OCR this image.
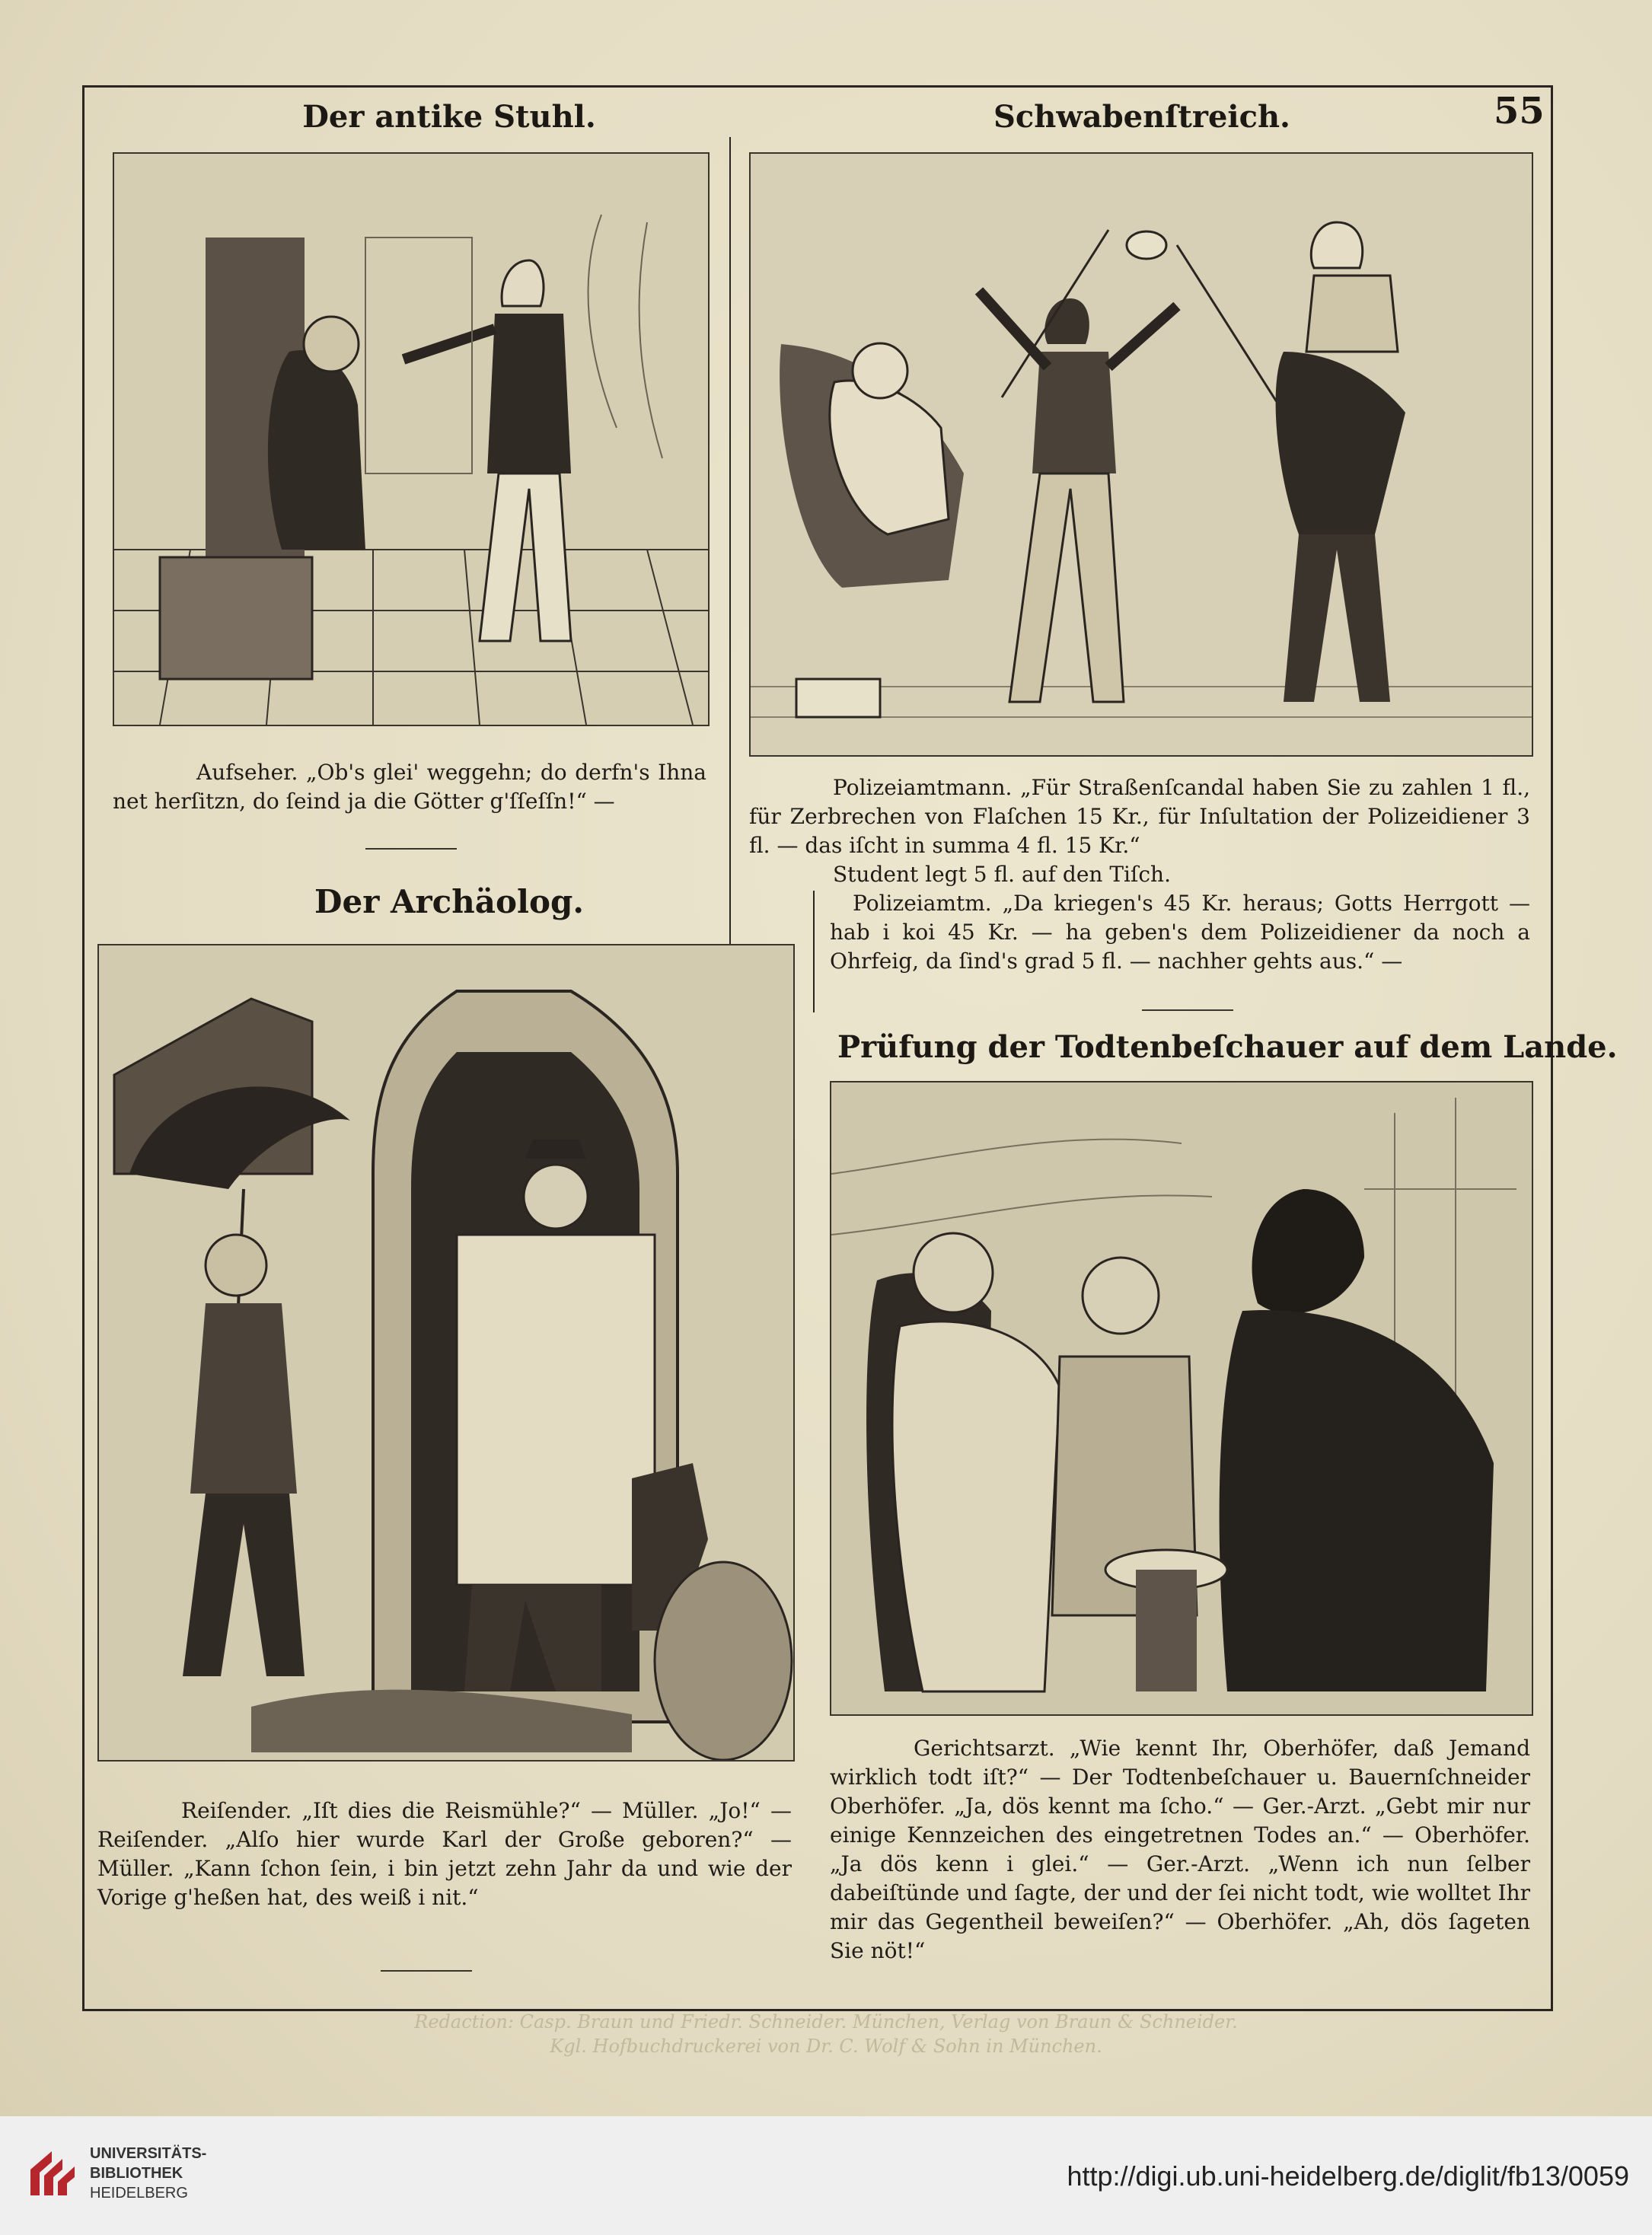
55
Der antike Stuhl.

Aufseher. „Ob's glei' weggehn; do derfn's Ihna net herſitzn, do ſeind ja die Götter g'ſſeſſn!“ —

Schwabenſtreich.

Polizeiamtmann. „Für Straßenſcandal haben Sie zu zahlen 1 fl., für Zerbrechen von Flaſchen 15 Kr., für Inſultation der Polizeidiener 3 fl. — das iſcht in summa 4 fl. 15 Kr.“

Student legt 5 fl. auf den Tiſch.

Polizeiamtm. „Da kriegen's 45 Kr. heraus; Gotts Herrgott — hab i koi 45 Kr. — ha geben's dem Polizeidiener da noch a Ohrfeig, da ſind's grad 5 fl. — nachher gehts aus.“ —

Der Archäolog.

Reiſender. „Iſt dies die Reismühle?“ — Müller. „Jo!“ — Reiſender. „Alſo hier wurde Karl der Große geboren?“ — Müller. „Kann ſchon ſein, i bin jetzt zehn Jahr da und wie der Vorige g'heßen hat, des weiß i nit.“

Prüfung der Todtenbeſchauer auf dem Lande.

Gerichtsarzt. „Wie kennt Ihr, Oberhöfer, daß Jemand wirklich todt iſt?“ — Der Todtenbeſchauer u. Bauernſchneider Oberhöfer. „Ja, dös kennt ma ſcho.“ — Ger.-Arzt. „Gebt mir nur einige Kennzeichen des eingetretnen Todes an.“ — Oberhöfer. „Ja dös kenn i glei.“ — Ger.-Arzt. „Wenn ich nun ſelber dabeiſtünde und ſagte, der und der ſei nicht todt, wie wolltet Ihr mir das Gegentheil beweiſen?“ — Oberhöfer. „Ah, dös ſageten Sie nöt!“

Redaction: Casp. Braun und Friedr. Schneider. München, Verlag von Braun & Schneider.
Kgl. Hofbuchdruckerei von Dr. C. Wolf & Sohn in München.
UNIVERSITÄTS-
BIBLIOTHEK
HEIDELBERG
http://digi.ub.uni-heidelberg.de/diglit/fb13/0059
